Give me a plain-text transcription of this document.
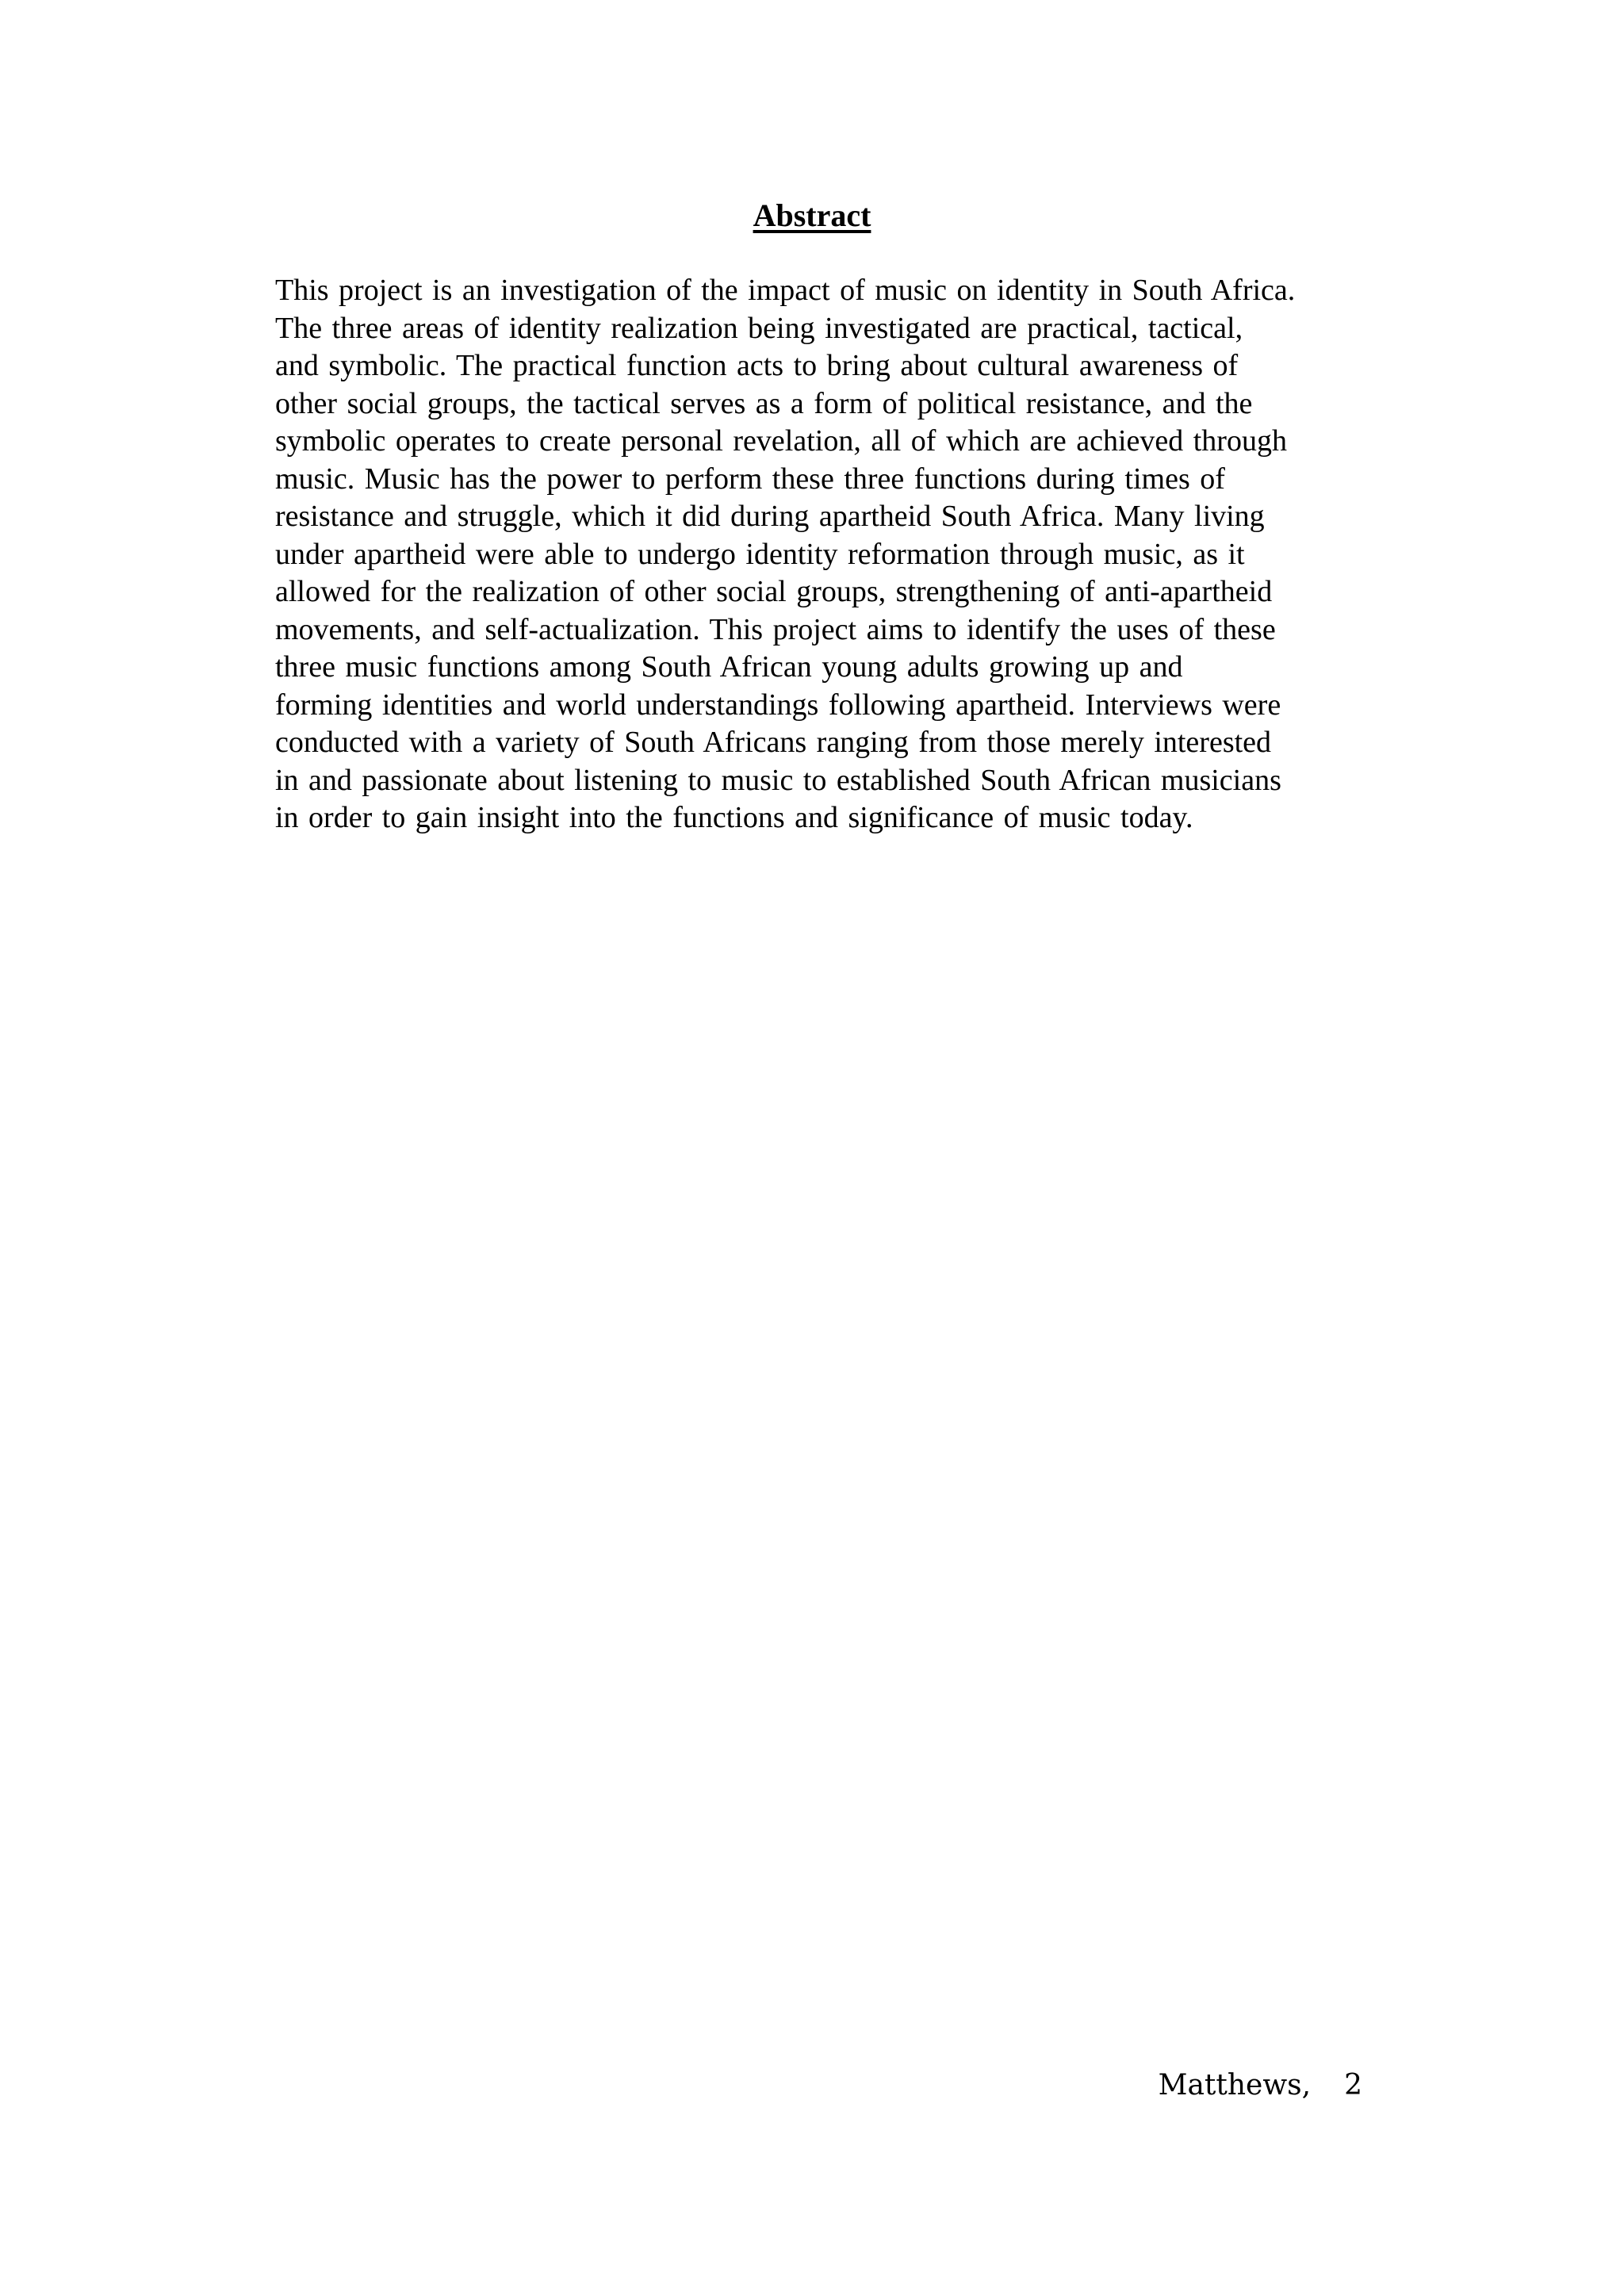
Abstract
This project is an investigation of the impact of music on identity in South Africa.
The three areas of identity realization being investigated are practical, tactical,
and symbolic. The practical function acts to bring about cultural awareness of
other social groups, the tactical serves as a form of political resistance, and the
symbolic operates to create personal revelation, all of which are achieved through
music. Music has the power to perform these three functions during times of
resistance and struggle, which it did during apartheid South Africa. Many living
under apartheid were able to undergo identity reformation through music, as it
allowed for the realization of other social groups, strengthening of anti-apartheid
movements, and self-actualization. This project aims to identify the uses of these
three music functions among South African young adults growing up and
forming identities and world understandings following apartheid. Interviews were
conducted with a variety of South Africans ranging from those merely interested
in and passionate about listening to music to established South African musicians
in order to gain insight into the functions and significance of music today.
Matthews, 2
